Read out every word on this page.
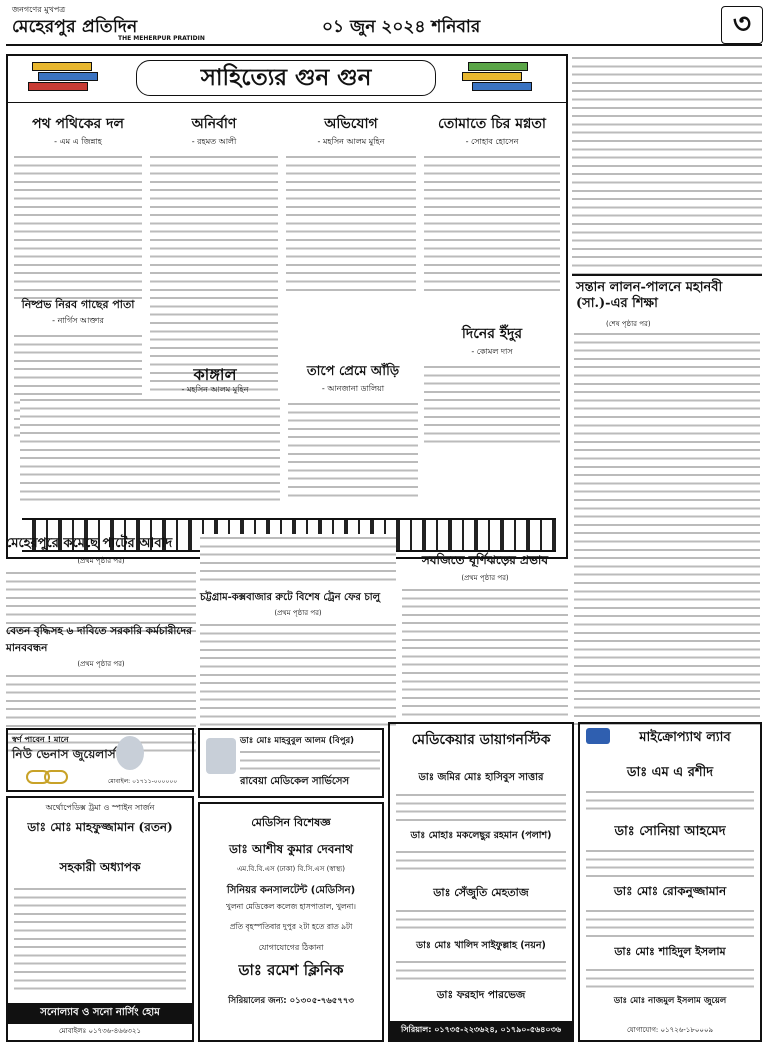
জনগণের মুখপত্র
মেহেরপুর প্রতিদিন
THE MEHERPUR PRATIDIN
০১ জুন ২০২৪ শনিবার	৩
সাহিত্যের গুন গুন
পথ পথিকের দল
- এম এ জিন্নাহ
অনির্বাণ
- রহমত আলী
অভিযোগ
- মহসিন আলম মুহিন
তোমাতে চির মগ্নতা
- সোহাব হোসেন
নিষ্প্রভ নিরব গাছের পাতা
- নার্গিস আক্তার
দিনের ইঁদুর
- কোমল দাস
কাঙ্গাল
- মহসিন আলম মুহিন
তাপে প্রেমে আঁড়ি
- আনজানা ডালিয়া
সন্তান লালন-পালনে মহানবী (সা.)-এর শিক্ষা
(শেষ পৃষ্ঠার পর)
মেহেরপুরে কমেছে পাটের আবাদ
(প্রথম পৃষ্ঠার পর)
বেতন বৃদ্ধিসহ ৬ দাবিতে সরকারি কর্মচারীদের মানববন্ধন
(প্রথম পৃষ্ঠার পর)
চট্টগ্রাম-কক্সবাজার রুটে বিশেষ ট্রেন ফের চালু
(প্রথম পৃষ্ঠার পর)
সবজিতে ঘূর্ণিঝড়ের প্রভাব
(প্রথম পৃষ্ঠার পর)
স্বর্ণ পাবেন ! মানে
নিউ ভেনাস জুয়েলার্স
মোবাইল: ০১৭১১-০০০০০০
অর্থোপেডিক্স ট্রমা ও স্পাইন সার্জন
ডাঃ মোঃ মাহফুজ্জামান (রতন)
সহকারী অধ্যাপক
সনোল্যাব ও সনো নার্সিং হোম
মোবাইলঃ ০১৭৩৬-৪৬৬৩২১
ডাঃ মোঃ মাহবুবুল আলম (বিপুর)
রাবেয়া মেডিকেল সার্ভিসেস
মেডিসিন বিশেষজ্ঞ
ডাঃ আশীষ কুমার দেবনাথ
এম.বি.বি.এস (ঢাকা) বি.সি.এস (স্বাস্থ্য)
সিনিয়র কনসালটেন্ট (মেডিসিন)
খুলনা মেডিকেল কলেজ হাসপাতাল, খুলনা।
প্রতি বৃহস্পতিবার দুপুর ২টা হতে রাত ৯টা
যোগাযোগের ঠিকানা
ডাঃ রমেশ ক্লিনিক
সিরিয়ালের জন্য: ০১৩০৫-৭৬৫৭৭৩
মেডিকেয়ার ডায়াগনস্টিক
ডাঃ জমির মোঃ হাসিবুস সাত্তার
ডাঃ মোহাঃ মকলেছুর রহমান (পলাশ)
ডাঃ সেঁজুতি মেহতাজ
ডাঃ মোঃ খালিদ সাইফুল্লাহ (নয়ন)
ডাঃ ফরহাদ পারভেজ
সিরিয়াল: ০১৭৩৫-২২৩৬২৪, ০১৭৯০-৫৬৪০৩৬
মাইক্রোপ্যাথ ল্যাব
ডাঃ এম এ রশীদ
ডাঃ সোনিয়া আহমেদ
ডাঃ মোঃ রোকনুজ্জামান
ডাঃ মোঃ শাহিদুল ইসলাম
ডাঃ মোঃ নাজমুল ইসলাম জুয়েল
যোগাযোগ: ০১৭২৬-১৮০০০৯
